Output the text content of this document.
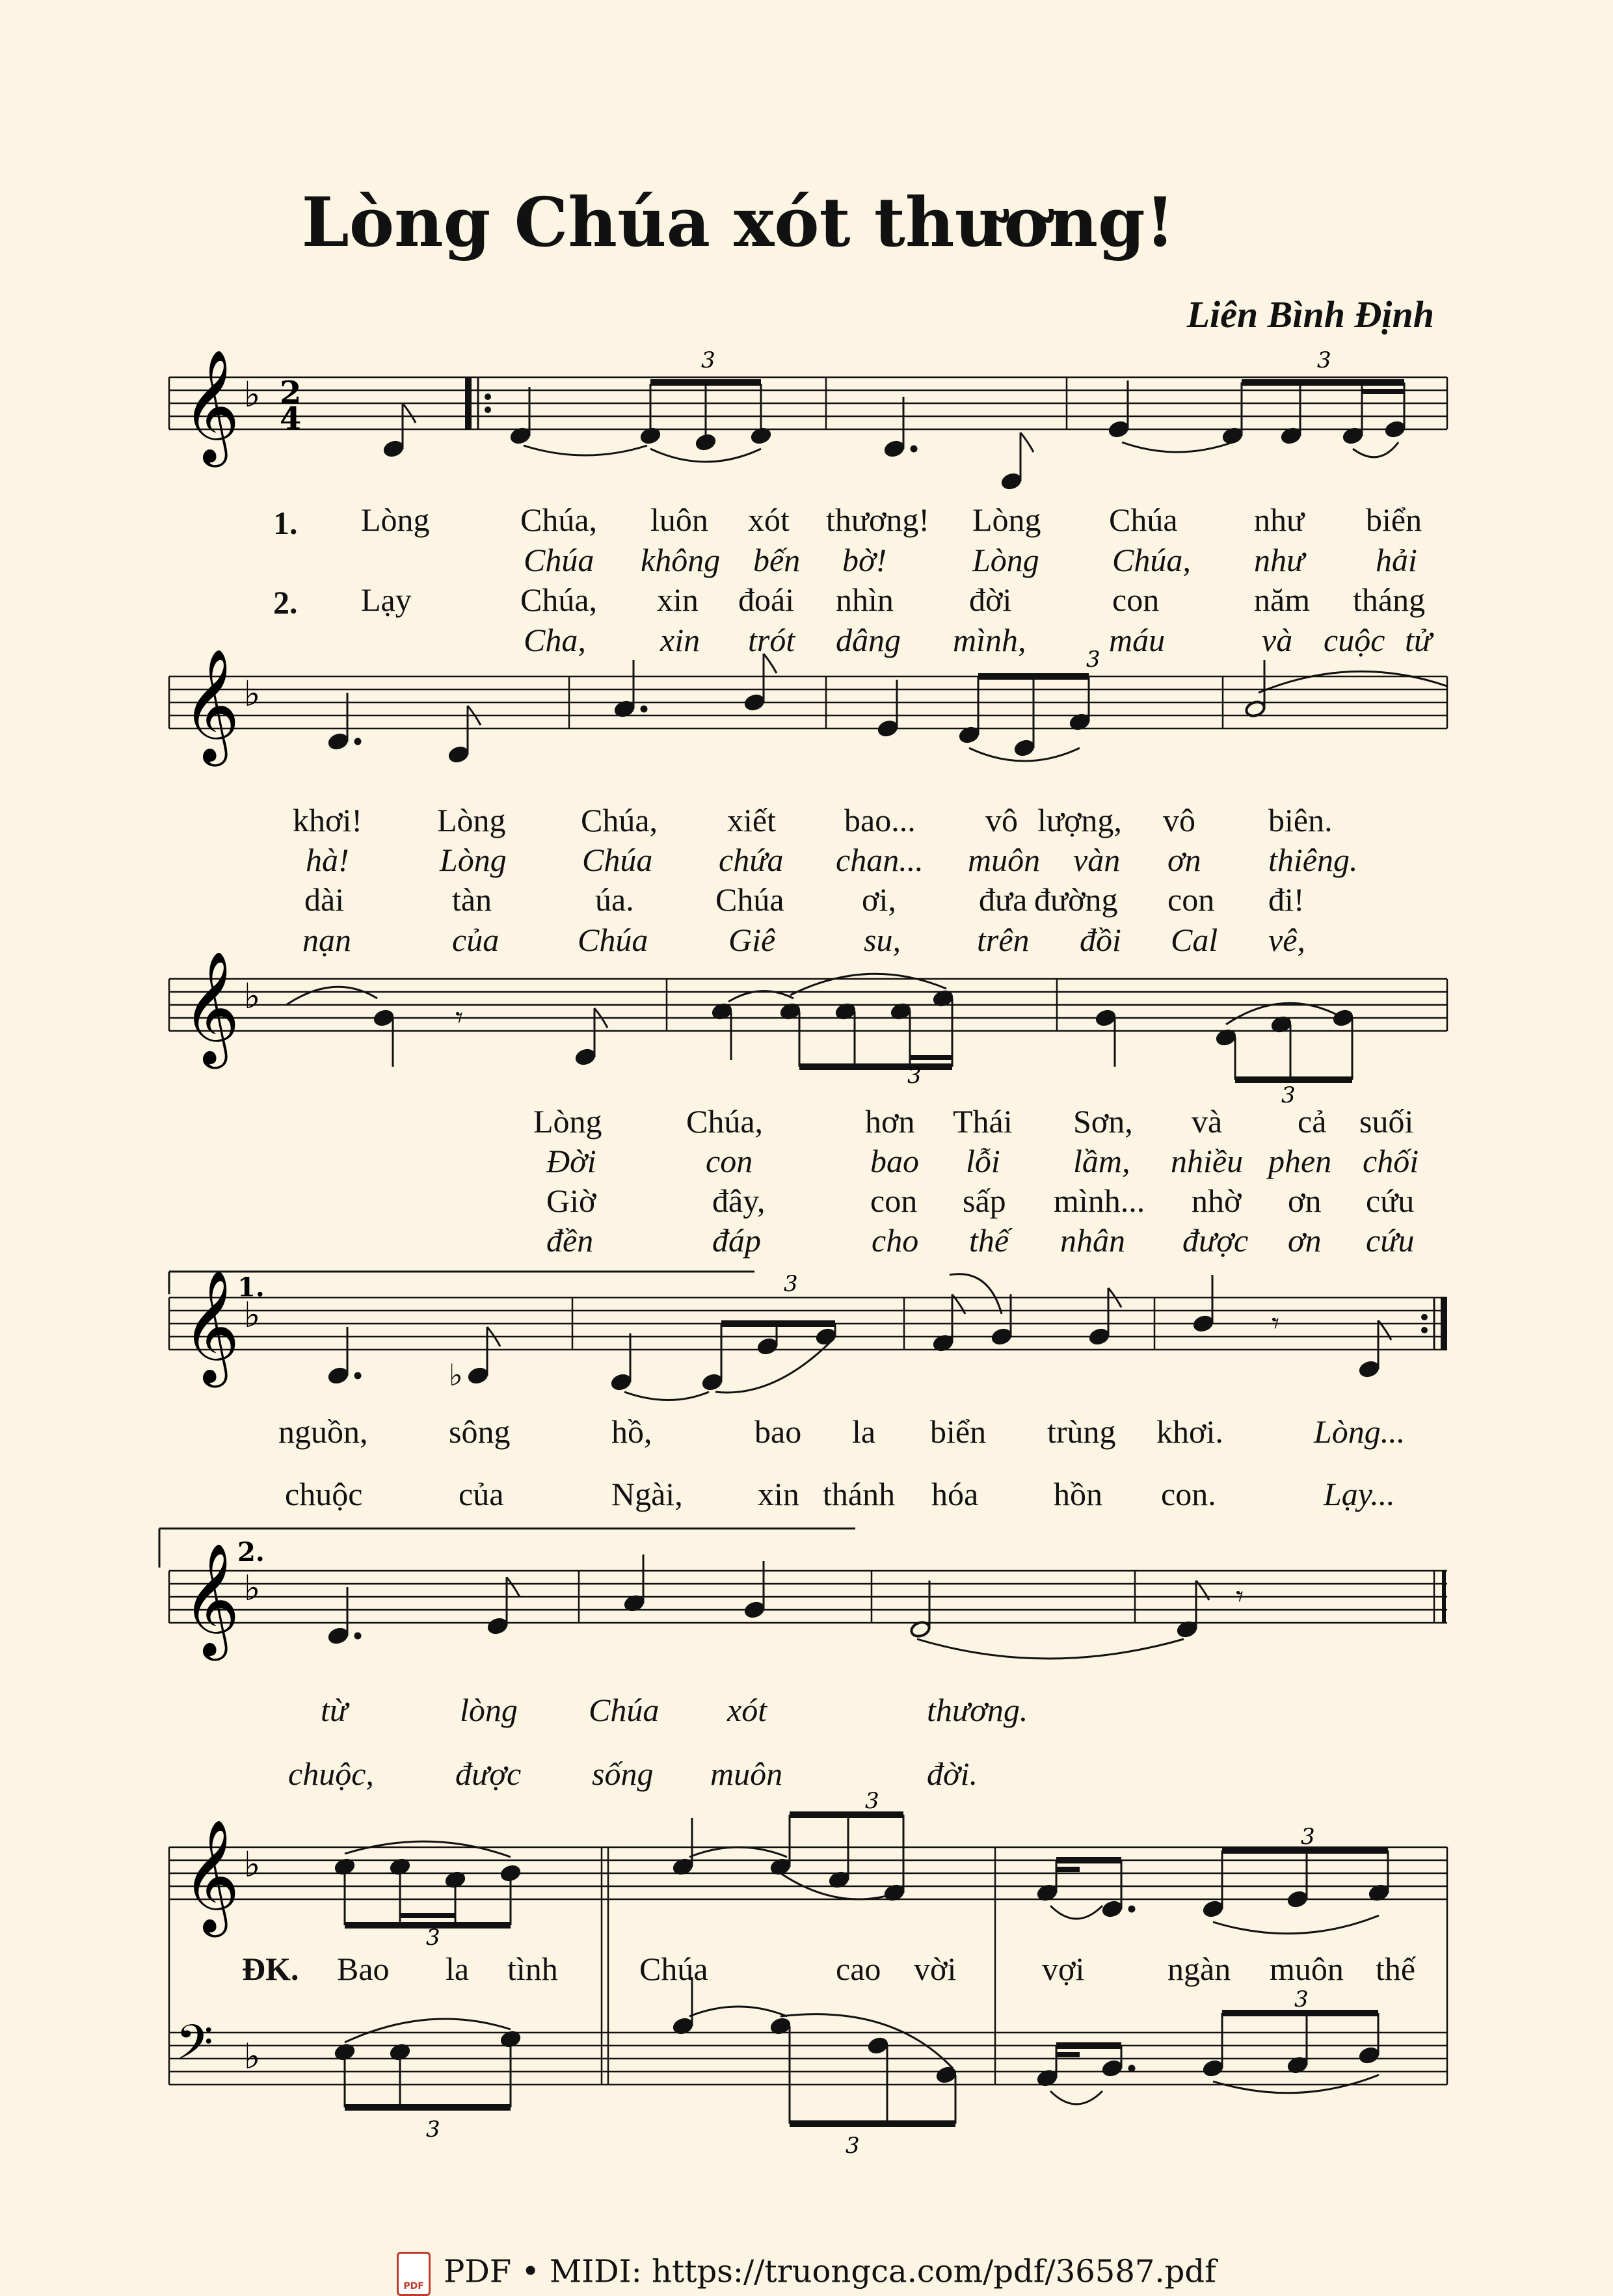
Lòng Chúa xót thương!
Liên Bình Định
𝄞 ♭ 2
4
3	3
𝄞 ♭
3
𝄞 ♭
𝄾
3
3
1.
𝄞 ♭
♭
𝄾
3
2.
𝄞 ♭	𝄾
𝄞 ♭
𝄢 ♭
3
3
3
3
3
3
1.
2.
Lòng	Chúa, luôn xót thương! Lòng Chúa như biển
Chúa không bến bờ!	Lòng Chúa, như hải
Lạy	Chúa, xin đoái nhìn đời	con	năm tháng
Cha, xin trót dâng mình,	máu	và cuộc tử
khơi! Lòng Chúa, xiết bao... vô lượng, vô biên.
hà!	Lòng Chúa chứa chan... muôn vàn ơn thiêng.
dài	tàn	úa.	Chúa ơi,	đưa đường con đi!
nạn	của Chúa Giê	su, trên đồi Cal vê,
Lòng	Chúa,	hơn Thái Sơn, và cả suối
Đời	con	bao lỗi lầm, nhiều phen chối
Giờ	đây,	con sấp mình... nhờ ơn cứu
đền	đáp	cho thế nhân được ơn cứu
nguồn, sông	hồ,	bao la biển trùng khơi.	Lòng...
chuộc	của	Ngài, xin thánh hóa hồn con.	Lạy...
từ	lòng Chúa xót	thương.
chuộc,	được sống muôn	đời.
ĐK. Bao la tình	Chúa	cao vời	vợi	ngàn muôn thế
PDF PDF • MIDI: https://truongca.com/pdf/36587.pdf
